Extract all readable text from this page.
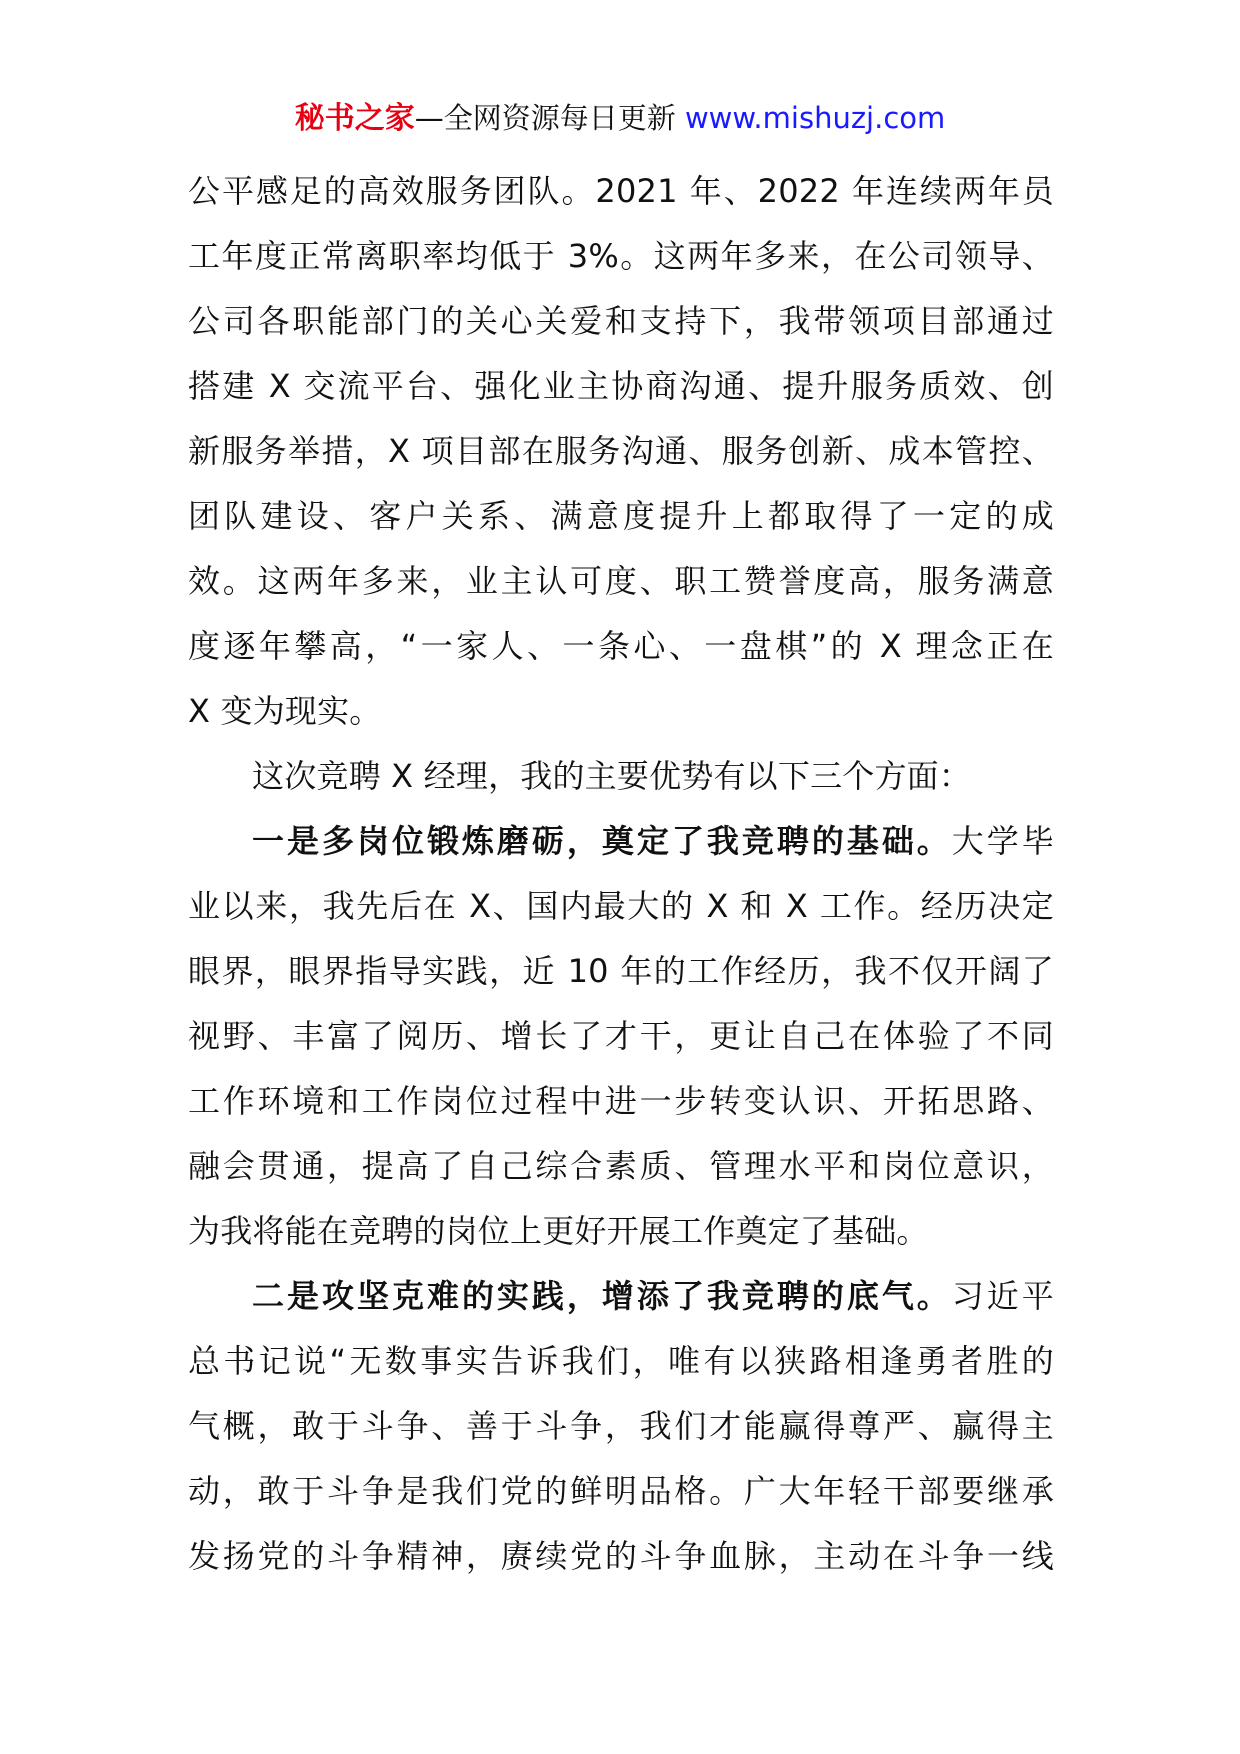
秘书之家—全网资源每日更新 www.mishuzj.com
公平感足的高效服务团队。2021 年、2022 年连续两年员
工年度正常离职率均低于 3%。这两年多来，在公司领导、
公司各职能部门的关心关爱和支持下，我带领项目部通过
搭建 X 交流平台、强化业主协商沟通、提升服务质效、创
新服务举措，X 项目部在服务沟通、服务创新、成本管控、
团队建设、客户关系、满意度提升上都取得了一定的成
效。这两年多来，业主认可度、职工赞誉度高，服务满意
度逐年攀高，“一家人、一条心、一盘棋”的 X 理念正在
X 变为现实。
这次竞聘 X 经理，我的主要优势有以下三个方面：
一是多岗位锻炼磨砺，奠定了我竞聘的基础。大学毕
业以来，我先后在 X、国内最大的 X 和 X 工作。经历决定
眼界，眼界指导实践，近 10 年的工作经历，我不仅开阔了
视野、丰富了阅历、增长了才干，更让自己在体验了不同
工作环境和工作岗位过程中进一步转变认识、开拓思路、
融会贯通，提高了自己综合素质、管理水平和岗位意识，
为我将能在竞聘的岗位上更好开展工作奠定了基础。
二是攻坚克难的实践，增添了我竞聘的底气。习近平
总书记说“无数事实告诉我们，唯有以狭路相逢勇者胜的
气概，敢于斗争、善于斗争，我们才能赢得尊严、赢得主
动，敢于斗争是我们党的鲜明品格。广大年轻干部要继承
发扬党的斗争精神，赓续党的斗争血脉，主动在斗争一线
